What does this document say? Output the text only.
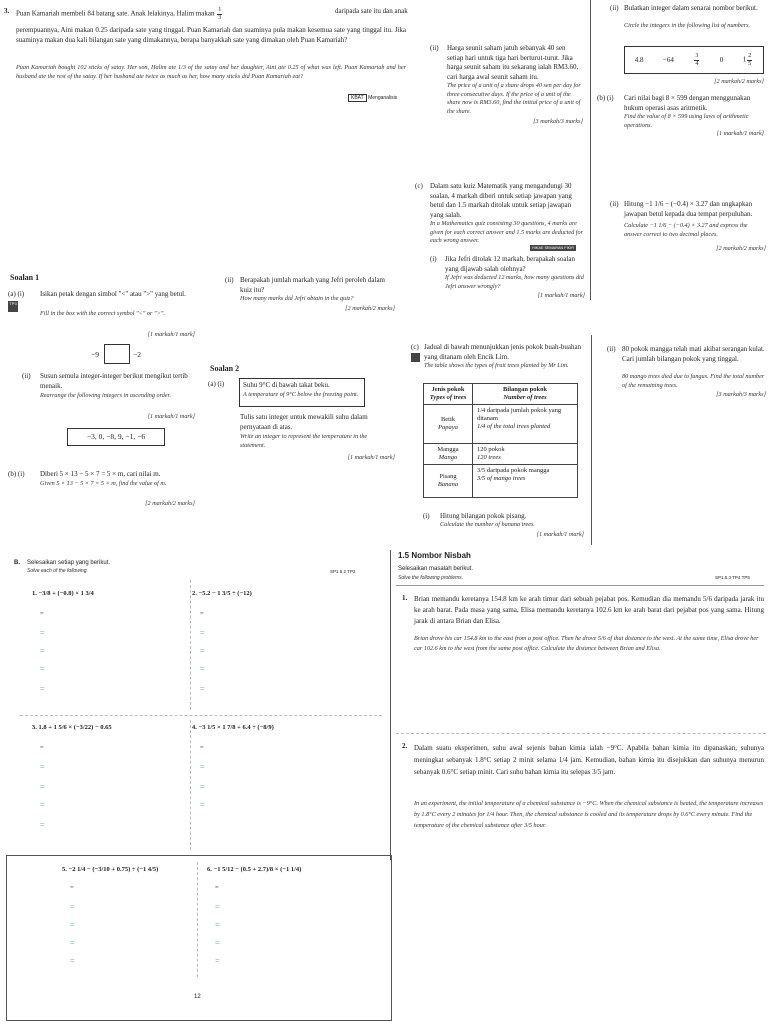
3. Puan Kamariah membeli 84 batang sate. Anak lelakinya, Halim makan $\frac{1}{3}$	daripada sate itu dan anak
perempuannya, Aini makan 0.25 daripada sate yang tinggal. Puan Kamariah dan suaminya pula makan kesemua sate yang tinggal itu. Jika suaminya makan dua kali bilangan sate yang dimakannya, berapa banyakkah sate yang dimakan oleh Puan Kamariah?
Puan Kamariah bought 102 sticks of satay. Her son, Halim ate 1/3 of the satay and her daughter, Aini ate 0.25 of what was left. Puan Kamariah and her husband ate the rest of the satay. If her husband ate twice as much as her, how many sticks did Puan Kamariah eat?
KBAT Menganalisis
(ii) Harga seunit saham jatuh sebanyak 40 sen setiap hari untuk tiga hari berturut-turut. Jika harga seunit saham itu sekarang ialah RM3.60, cari harga awal seunit saham itu.
The price of a unit of a share drops 40 sen per day for three consecutive days. If the price of a unit of the share now is RM3.60, find the initial price of a unit of the share.
[3 markah/3 marks]
(c) Dalam satu kuiz Matematik yang mengandungi 30 soalan, 4 markah diberi untuk setiap jawapan yang betul dan 1.5 markah ditolak untuk setiap jawapan yang salah.
In a Mathematics quiz consisting 30 questions, 4 marks are given for each correct answer and 1.5 marks are deducted for each wrong answer.
HIKAE SEMARAN FIKIR
(i) Jika Jefri ditolak 12 markah, berapakah soalan yang dijawab salah olehnya?
If Jefri was deducted 12 marks, how many questions did Jefri answer wrongly?
[1 markah/1 mark]
(ii) Bulatkan integer dalam senarai nombor berikut.
Circle the integers in the following list of numbers.
4.8	−64	$\frac{3}{4}$	0	$1 \frac{2}{5}$
[2 markah/2 marks]
(b) (i) Cari nilai bagi 8 × 599 dengan menggunakan hukum operasi asas aritmetik.
Find the value of 8 × 599 using laws of arithmetic operations.
[1 markah/1 mark]
(ii) Hitung −1 1/6 − (−0.4) × 3.27 dan ungkapkan jawapan betul kepada dua tempat perpuluhan.
Calculate −1 1/6 − (−0.4) × 3.27 and express the answer correct to two decimal places.
[2 markah/2 marks]
Soalan 1
(a) (i)
TP3
Isikan petak dengan simbol "<" atau ">" yang betul.
Fill in the box with the correct symbol "<" or ">".
[1 markah/1 mark]
−9	−2
(ii) Susun semula integer-integer berikut mengikut tertib menaik.
Rearrange the following integers in ascending order.
[1 markah/1 mark]
−3, 0, −8, 9, −1, −6
(b) (i) Diberi 5 × 13 − 5 × 7 = 5 × m, cari nilai m.
Given 5 × 13 − 5 × 7 = 5 × m, find the value of m.
[2 markah/2 marks]
(ii) Berapakah jumlah markah yang Jefri peroleh dalam kuiz itu?
How many marks did Jefri obtain in the quiz?
[2 markah/2 marks]
Soalan 2
(a) (i)	Suhu 9°C di bawah takat beku.
A temperature of 9°C below the freezing point.
Tulis satu integer untuk mewakili suhu dalam pernyataan di atas.
Write an integer to represent the temperature in the statement.
[1 markah/1 mark]
(c) Jadual di bawah menunjukkan jenis pokok buah-buahan yang ditanam oleh Encik Lim.
The table shows the types of fruit trees planted by Mr Lim.
Jenis pokok
Types of trees	Bilangan pokok
Number of trees
Betik
Papaya	1/4 daripada jumlah pokok yang ditanam
1/4 of the total trees planted
Mangga
Mango	120 pokok
120 trees
Pisang
Banana	3/5 daripada pokok mangga
3/5 of mango trees
(i) Hitung bilangan pokok pisang.
Calculate the number of banana trees.
[1 markah/1 mark]
(ii) 80 pokok mangga telah mati akibat serangan kulat. Cari jumlah bilangan pokok yang tinggal.
80 mango trees died due to fungus. Find the total number of the remaining trees.
[3 markah/3 marks]
B. Selesaikan setiap yang berikut.
Solve each of the following.	SP1.5.2 TP3
1. −3/8 + (−0.8) × 1 3/4
=
=
=
=
=
2. −5.2 − 1 3/5 ÷ (−12)
=
=
=
=
=
3. 1.8 + 1 5/6 × (−3/22) − 0.65
=
=
=
=
=
4. −3 1/5 × 1 7/8 + 6.4 ÷ (−8/9)
=
=
=
=
5. −2 1/4 − (−3/10 + 0.75) ÷ (−1 4/5)
=
=
=
=
=
6. −1 5/12 − (0.5 + 2.7)/8 × (−1 1/4)
=
=
=
=
=
12
1.5 Nombor Nisbah
Selesaikan masalah berikut.
Solve the following problems.	SP1.5.3 TP4 TP5
1. Brian memandu keretanya 154.8 km ke arah timur dari sebuah pejabat pos. Kemudian dia memandu 5/6 daripada jarak itu ke arah barat. Pada masa yang sama, Elisa memandu keretanya 102.6 km ke arah barat dari pejabat pos yang sama. Hitung jarak di antara Brian dan Elisa.
Brian drove his car 154.8 km to the east from a post office. Then he drove 5/6 of that distance to the west. At the same time, Elisa drove her car 102.6 km to the west from the same post office. Calculate the distance between Brian and Elisa.
2. Dalam suatu eksperimen, suhu awal sejenis bahan kimia ialah −9°C. Apabila bahan kimia itu dipanaskan, suhunya meningkat sebanyak 1.8°C setiap 2 minit selama 1/4 jam. Kemudian, bahan kimia itu disejukkan dan suhunya menurun sebanyak 0.6°C setiap minit. Cari suhu bahan kimia itu selepas 3/5 jam.
In an experiment, the initial temperature of a chemical substance is −9°C. When the chemical substance is heated, the temperature increases by 1.8°C every 2 minutes for 1/4 hour. Then, the chemical substance is cooled and its temperature drops by 0.6°C every minute. Find the temperature of the chemical substance after 3/5 hour.
